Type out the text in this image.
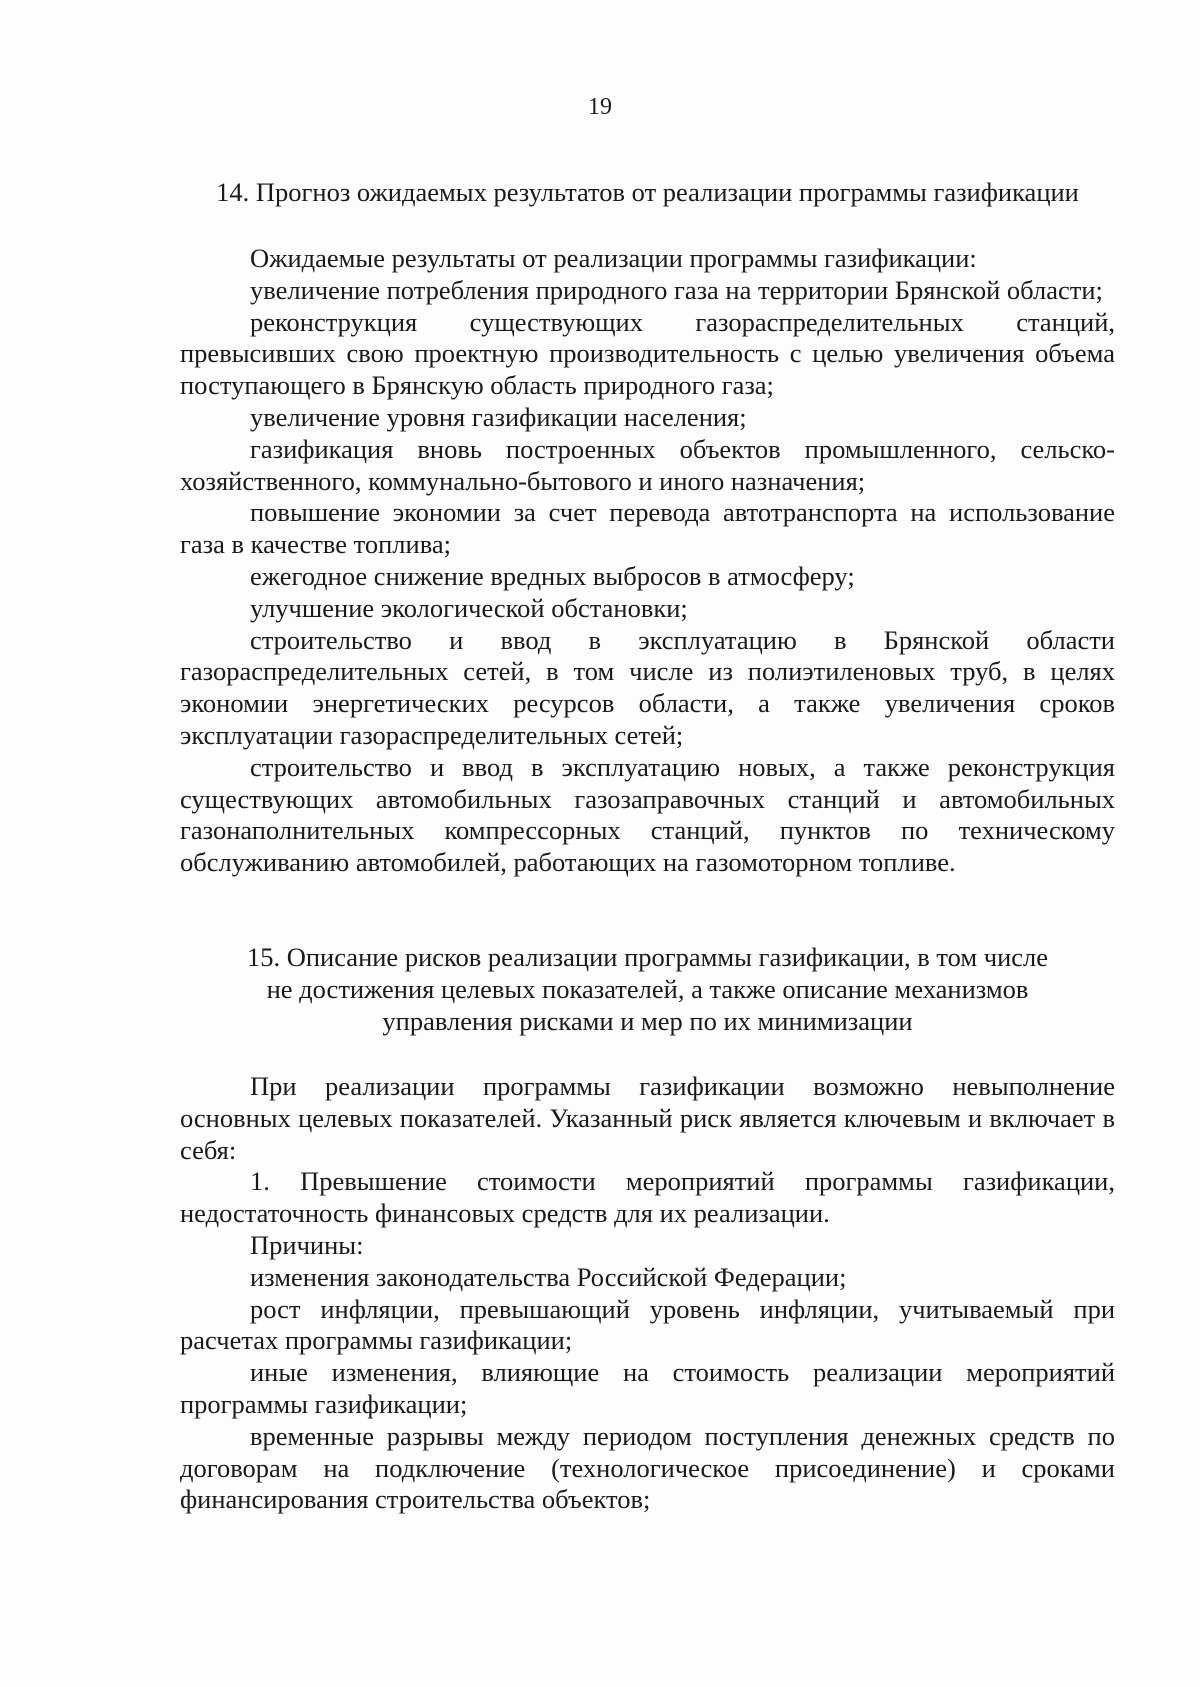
19
14. Прогноз ожидаемых результатов от реализации программы газификации

Ожидаемые результаты от реализации программы газификации:

увеличение потребления природного газа на территории Брянской области;

реконструкция существующих газораспределительных станций, превысивших свою проектную производительность с целью увеличения объема поступающего в Брянскую область природного газа;

увеличение уровня газификации населения;

газификация вновь построенных объектов промышленного, сельскохозяйственного, коммунально-бытового и иного назначения;

повышение экономии за счет перевода автотранспорта на использование газа в качестве топлива;

ежегодное снижение вредных выбросов в атмосферу;

улучшение экологической обстановки;

строительство и ввод в эксплуатацию в Брянской области газораспределительных сетей, в том числе из полиэтиленовых труб, в целях экономии энергетических ресурсов области, а также увеличения сроков эксплуатации газораспределительных сетей;

строительство и ввод в эксплуатацию новых, а также реконструкция существующих автомобильных газозаправочных станций и автомобильных газонаполнительных компрессорных станций, пунктов по техническому обслуживанию автомобилей, работающих на газомоторном топливе.

15. Описание рисков реализации программы газификации, в том числе
не достижения целевых показателей, а также описание механизмов
управления рисками и мер по их минимизации

При реализации программы газификации возможно невыполнение основных целевых показателей. Указанный риск является ключевым и включает в себя:

1. Превышение стоимости мероприятий программы газификации, недостаточность финансовых средств для их реализации.

Причины:

изменения законодательства Российской Федерации;

рост инфляции, превышающий уровень инфляции, учитываемый при расчетах программы газификации;

иные изменения, влияющие на стоимость реализации мероприятий программы газификации;

временные разрывы между периодом поступления денежных средств по договорам на подключение (технологическое присоединение) и сроками финансирования строительства объектов;
